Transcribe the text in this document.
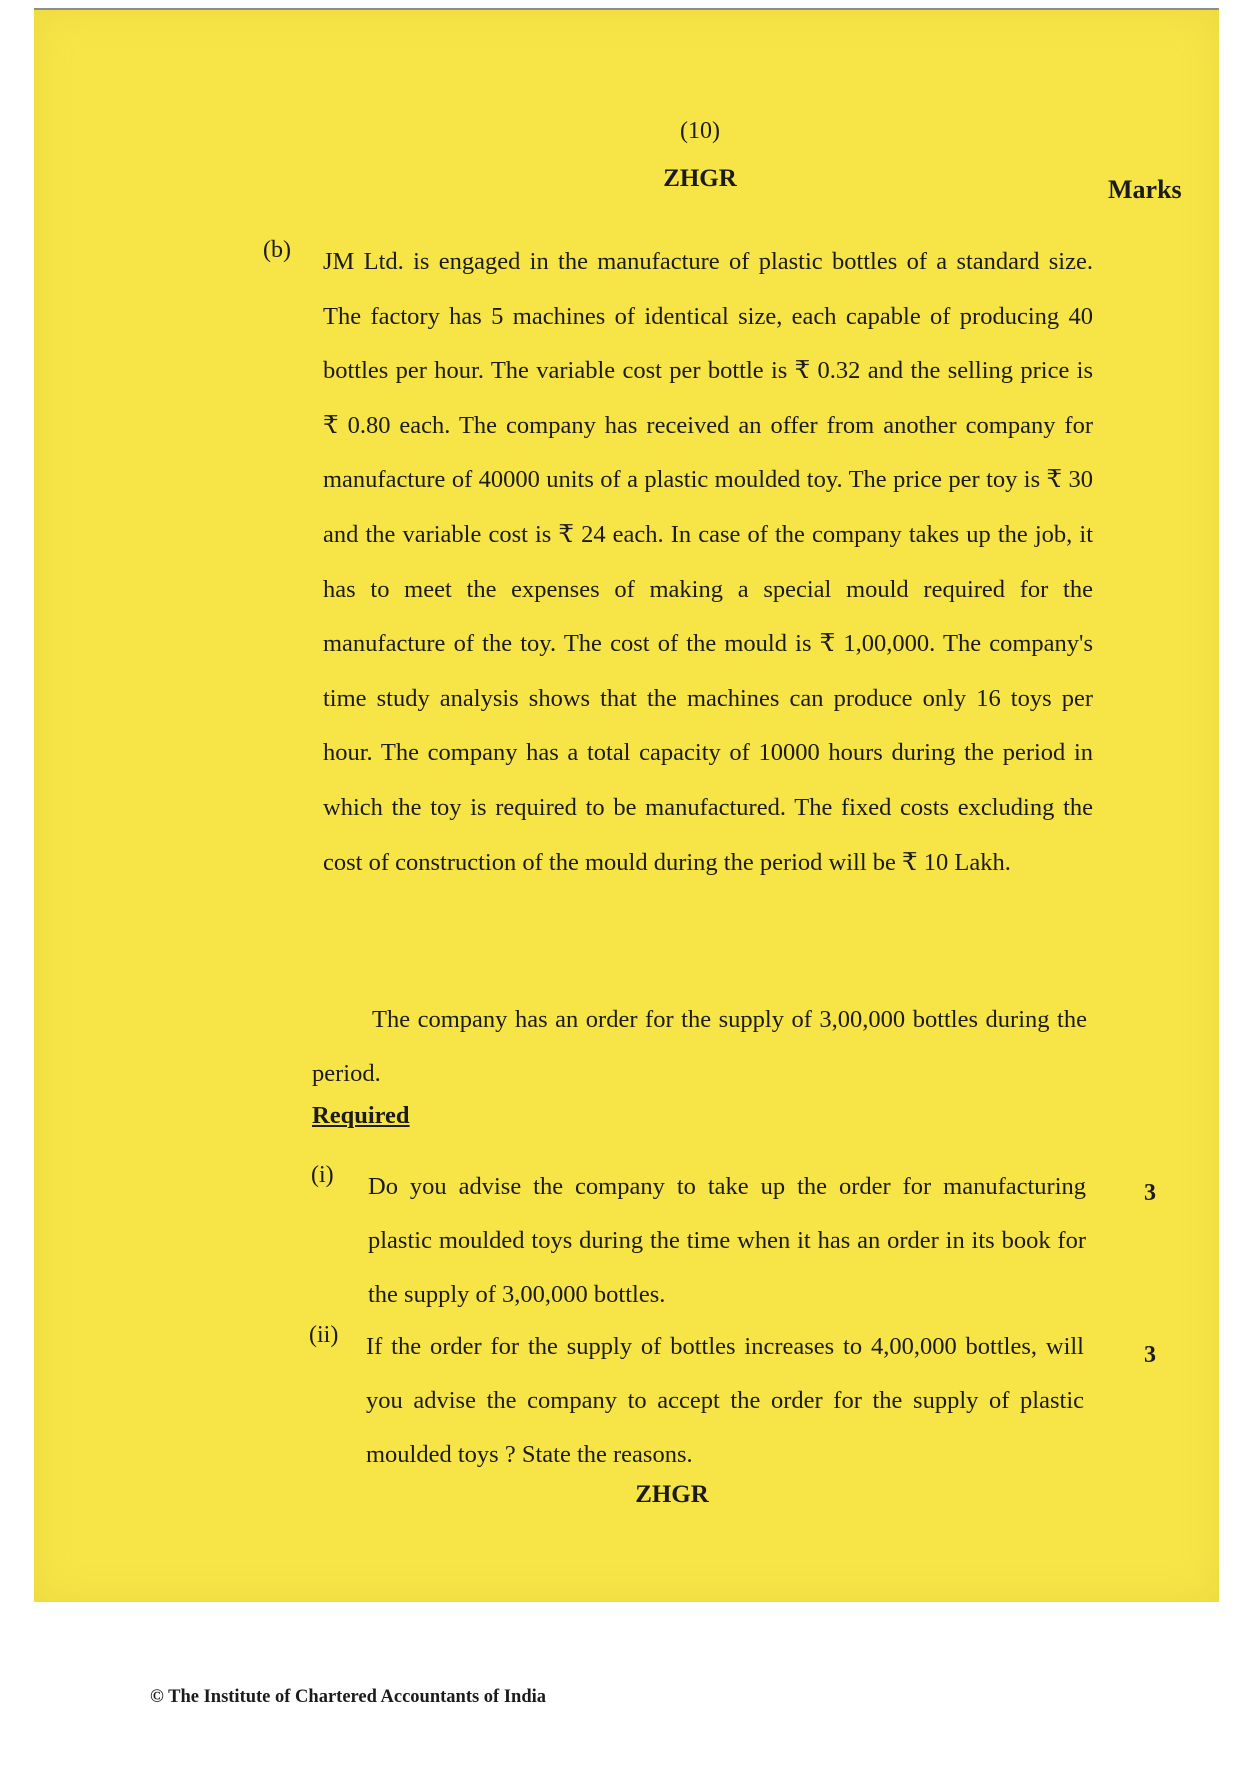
(10)
ZHGR	Marks
(b) JM Ltd. is engaged in the manufacture of plastic bottles of a standard size. The factory has 5 machines of identical size, each capable of producing 40 bottles per hour. The variable cost per bottle is ₹ 0.32 and the selling price is ₹ 0.80 each. The company has received an offer from another company for manufacture of 40000 units of a plastic moulded toy. The price per toy is ₹ 30 and the variable cost is ₹ 24 each. In case of the company takes up the job, it has to meet the expenses of making a special mould required for the manufacture of the toy. The cost of the mould is ₹ 1,00,000. The company's time study analysis shows that the machines can produce only 16 toys per hour. The company has a total capacity of 10000 hours during the period in which the toy is required to be manufactured. The fixed costs excluding the cost of construction of the mould during the period will be ₹ 10 Lakh.
The company has an order for the supply of 3,00,000 bottles during the period.
Required
(i) Do you advise the company to take up the order for manufacturing plastic moulded toys during the time when it has an order in its book for the supply of 3,00,000 bottles.
3
(ii) If the order for the supply of bottles increases to 4,00,000 bottles, will you advise the company to accept the order for the supply of plastic moulded toys ? State the reasons.
3
ZHGR
© The Institute of Chartered Accountants of India
